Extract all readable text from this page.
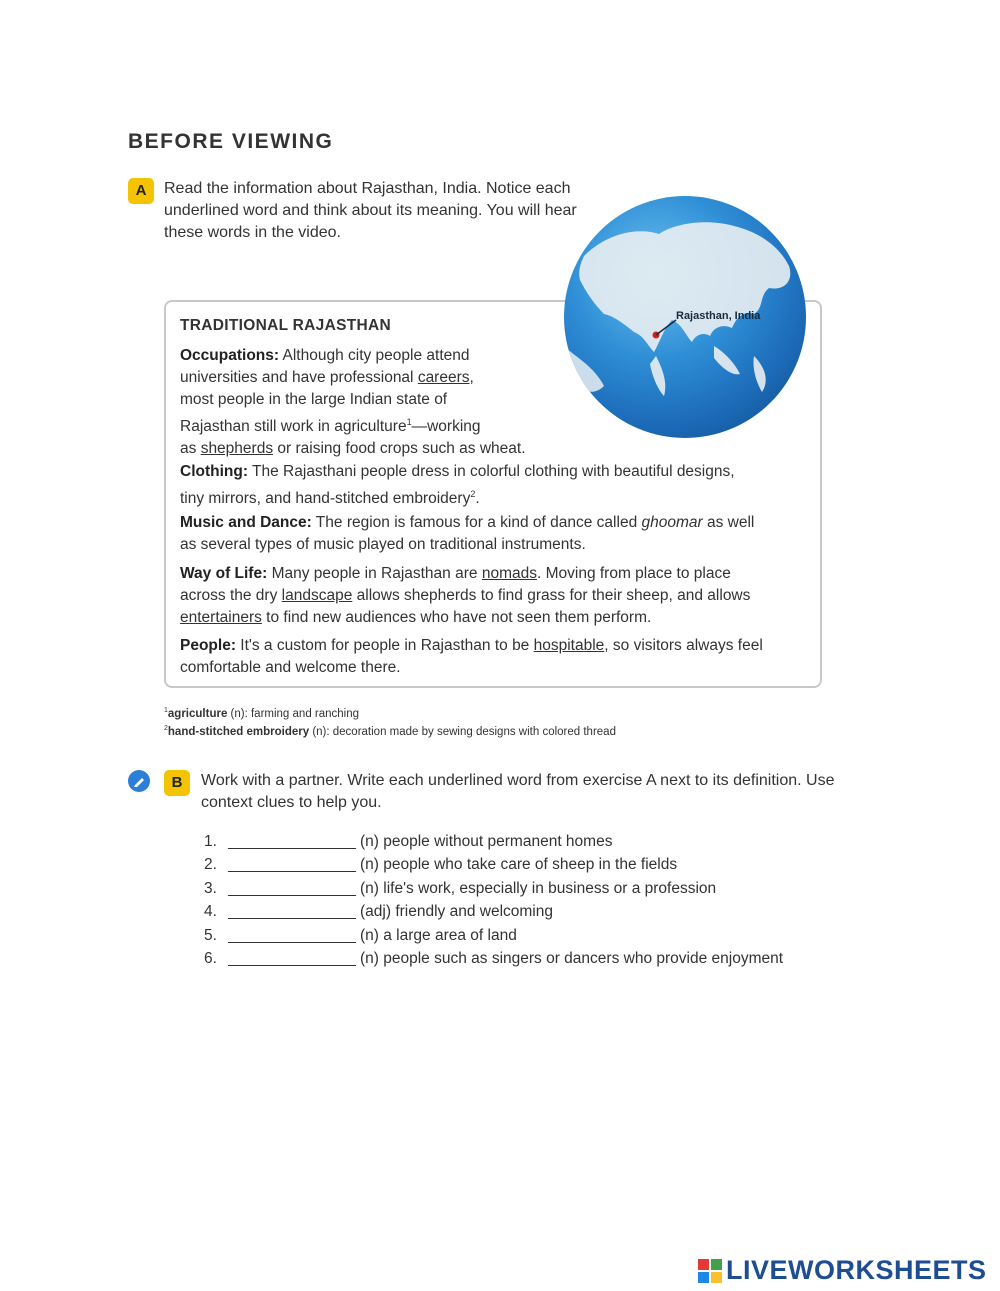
BEFORE VIEWING
A	Read the information about Rajasthan, India. Notice each underlined word and think about its meaning. You will hear these words in the video.
Rajasthan, India
TRADITIONAL RAJASTHAN
Occupations: Although city people attend
universities and have professional careers,
most people in the large Indian state of
Rajasthan still work in agriculture$^1$—working
as shepherds or raising food crops such as wheat.
Clothing: The Rajasthani people dress in colorful clothing with beautiful designs,
tiny mirrors, and hand-stitched embroidery$^2$.
Music and Dance: The region is famous for a kind of dance called ghoomar as well
as several types of music played on traditional instruments.
Way of Life: Many people in Rajasthan are nomads. Moving from place to place
across the dry landscape allows shepherds to find grass for their sheep, and allows
entertainers to find new audiences who have not seen them perform.
People: It's a custom for people in Rajasthan to be hospitable, so visitors always feel
comfortable and welcome there.
$^1$agriculture (n): farming and ranching
$^2$hand-stitched embroidery (n): decoration made by sewing designs with colored thread
B	Work with a partner. Write each underlined word from exercise A next to its definition. Use context clues to help you.
1.	(n) people without permanent homes
2.	(n) people who take care of sheep in the fields
3.	(n) life's work, especially in business or a profession
4.	(adj) friendly and welcoming
5.	(n) a large area of land
6.	(n) people such as singers or dancers who provide enjoyment
LIVEWORKSHEETS
